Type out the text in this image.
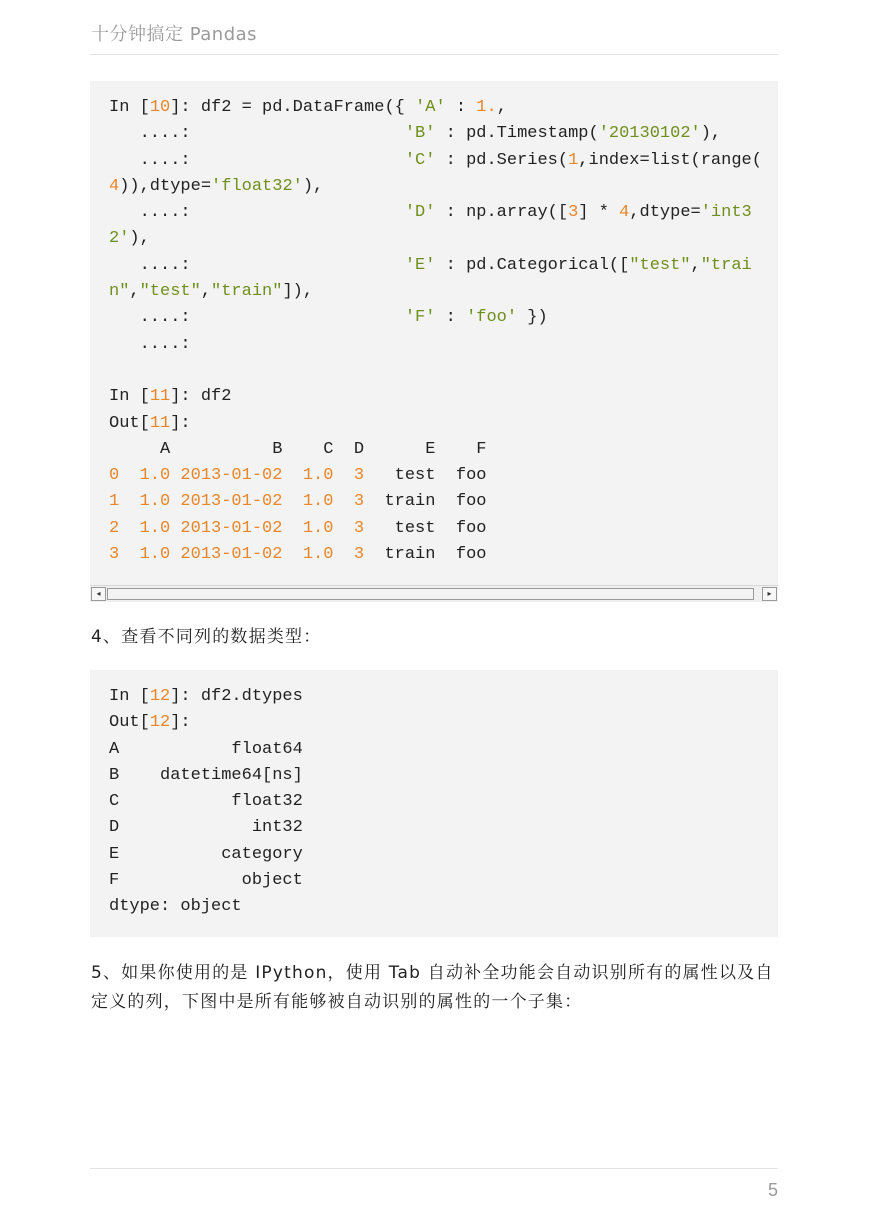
十分钟搞定 Pandas
In [10]: df2 = pd.DataFrame({ 'A' : 1.,
....:                     'B' : pd.Timestamp('20130102'),
....:                     'C' : pd.Series(1,index=list(range(
4)),dtype='float32'),
....:                     'D' : np.array([3] * 4,dtype='int3
2'),
....:                     'E' : pd.Categorical(["test","trai
n","test","train"]),
....:                     'F' : 'foo' })
....:
In [11]: df2
Out[11]:
A          B    C  D      E    F
0  1.0 2013-01-02  1.0  3   test  foo
1  1.0 2013-01-02  1.0  3  train  foo
2  1.0 2013-01-02  1.0  3   test  foo
3  1.0 2013-01-02  1.0  3  train  foo
◂	▸
4、查看不同列的数据类型：
In [12]: df2.dtypes
Out[12]:
A           float64
B    datetime64[ns]
C           float32
D             int32
E          category
F            object
dtype: object
5、如果你使用的是 IPython，使用 Tab 自动补全功能会自动识别所有的属性以及自定义的列，下图中是所有能够被自动识别的属性的一个子集：
5
